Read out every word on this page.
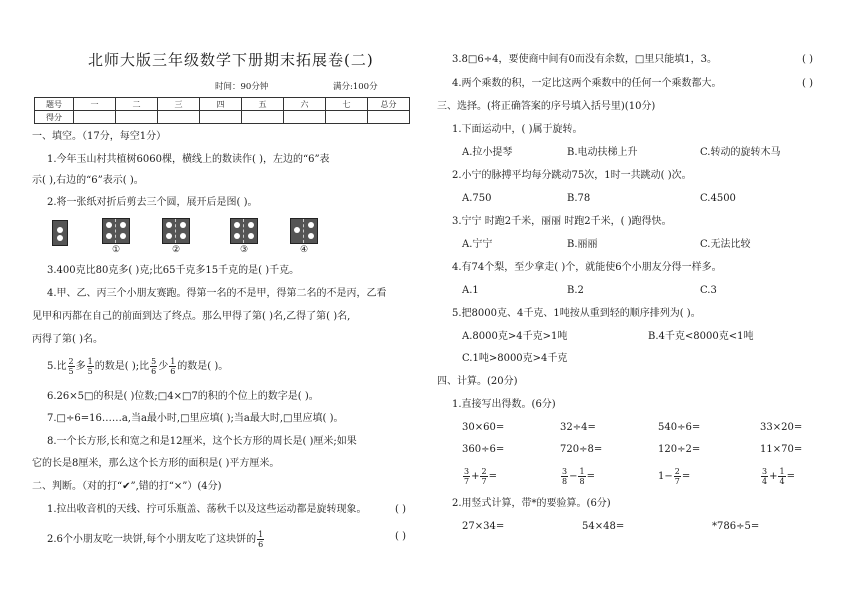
北师大版三年级数学下册期末拓展卷(二)
时间：90分钟	满分:100分
题号	一	二	三	四	五	六	七	总分
得分								
一、填空。（17分，每空1分）
1.今年玉山村共植树6060棵，横线上的数读作( )，左边的“6”表
示( ),右边的“6”表示( )。
2.将一张纸对折后剪去三个圆，展开后是图( )。
①	②	③	④
3.400克比80克多( )克;比65千克多15千克的是( )千克。
4.甲、乙、丙三个小朋友赛跑。得第一名的不是甲，得第二名的不是丙，乙看
见甲和丙都在自己的前面到达了终点。那么甲得了第( )名,乙得了第( )名,
丙得了第( )名。
5.比 $\frac{2}{5}$ 多 $\frac{1}{5}$ 的数是( );比 $\frac{5}{6}$ 少 $\frac{1}{6}$ 的数是( )。
6.26×5□的积是( )位数;□4×□7的积的个位上的数字是( )。
7.□÷6=16……a,当a最小时,□里应填( );当a最大时,□里应填( )。
8.一个长方形,长和宽之和是12厘米，这个长方形的周长是( )厘米;如果
它的长是8厘米，那么这个长方形的面积是( )平方厘米。
二、判断。（对的打“✔”,错的打“×”）(4分)
1.拉出收音机的天线、拧可乐瓶盖、荡秋千以及这些运动都是旋转现象。	( )
2.6个小朋友吃一块饼,每个小朋友吃了这块饼的 $\frac{1}{6}$	( )
3.8□6÷4，要使商中间有0而没有余数，□里只能填1，3。	( )
4.两个乘数的积，一定比这两个乘数中的任何一个乘数都大。	( )
三、选择。(将正确答案的序号填入括号里)(10分)
1.下面运动中，( )属于旋转。
A.拉小提琴	B.电动扶梯上升	C.转动的旋转木马
2.小宁的脉搏平均每分跳动75次，1时一共跳动( )次。
A.750	B.78	C.4500
3.宁宁 时跑2千米，丽丽 时跑2千米，( )跑得快。
A.宁宁	B.丽丽	C.无法比较
4.有74个梨，至少拿走( )个，就能使6个小朋友分得一样多。
A.1	B.2	C.3
5.把8000克、4千克、1吨按从重到轻的顺序排列为( )。
A.8000克>4千克>1吨	B.4千克<8000克<1吨
C.1吨>8000克>4千克
四、计算。(20分)
1.直接写出得数。(6分)
30×60=	32÷4=	540÷6=	33×20=
360÷6=	720÷8=	120÷2=	11×70=
$\frac{3}{7} + \frac{2}{7}$ =	$\frac{3}{8} - \frac{1}{8}$ =	$1- \frac{2}{7}$ =	$\frac{3}{4} + \frac{1}{4}$ =
2.用竖式计算，带*的要验算。(6分)
27×34=	54×48=	*786÷5=
